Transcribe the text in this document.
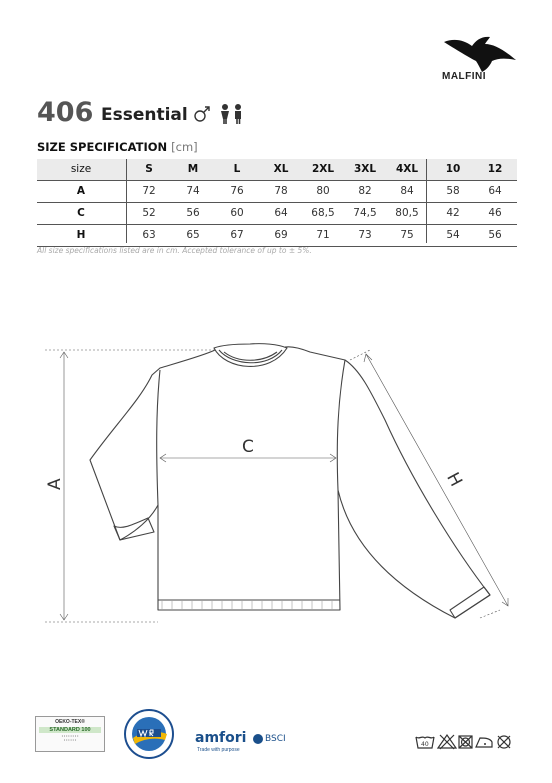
MALFINI
406 Essential
SIZE SPECIFICATION [cm]
size	S	M	L	XL	2XL	3XL	4XL	10	12
A	72	74	76	78	80	82	84	58	64
C	52	56	60	64	68,5	74,5	80,5	42	46
H	63	65	67	69	71	73	75	54	56
All size specifications listed are in cm. Accepted tolerance of up to ± 5%.
A
C
H
OEKO-TEX®
STANDARD 100
• • • • • • • •
• • • • • •	amfori
Trade with purpose
BSCI
40
